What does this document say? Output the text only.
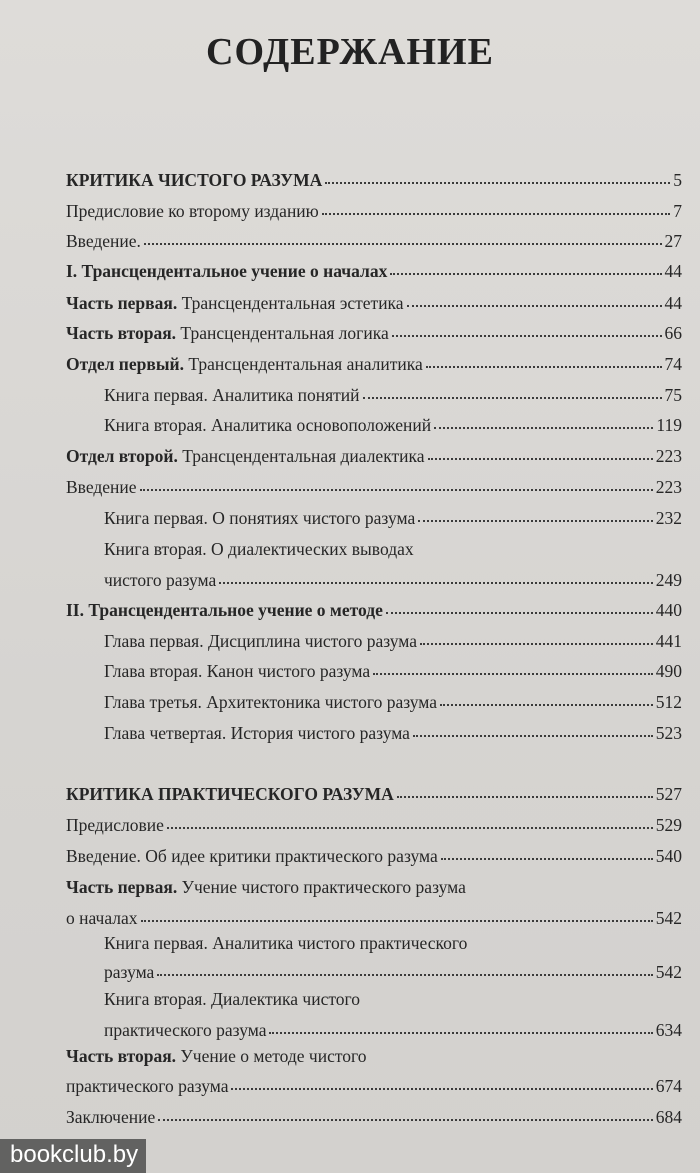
СОДЕРЖАНИЕ
КРИТИКА ЧИСТОГО РАЗУМА	5
Предисловие ко второму изданию	7
Введение.	27
I. Трансцендентальное учение о началах	44
Часть первая. Трансцендентальная эстетика	44
Часть вторая. Трансцендентальная логика	66
Отдел первый. Трансцендентальная аналитика	74
Книга первая. Аналитика понятий	75
Книга вторая. Аналитика основоположений	119
Отдел второй. Трансцендентальная диалектика	223
Введение	223
Книга первая. О понятиях чистого разума	232
Книга вторая. О диалектических выводах
чистого разума	249
II. Трансцендентальное учение о методе	440
Глава первая. Дисциплина чистого разума	441
Глава вторая. Канон чистого разума	490
Глава третья. Архитектоника чистого разума	512
Глава четвертая. История чистого разума	523
КРИТИКА ПРАКТИЧЕСКОГО РАЗУМА	527
Предисловие	529
Введение. Об идее критики практического разума	540
Часть первая. Учение чистого практического разума
о началах	542
Книга первая. Аналитика чистого практического
разума	542
Книга вторая. Диалектика чистого
практического разума	634
Часть вторая. Учение о методе чистого
практического разума	674
Заключение	684
bookclub.by
